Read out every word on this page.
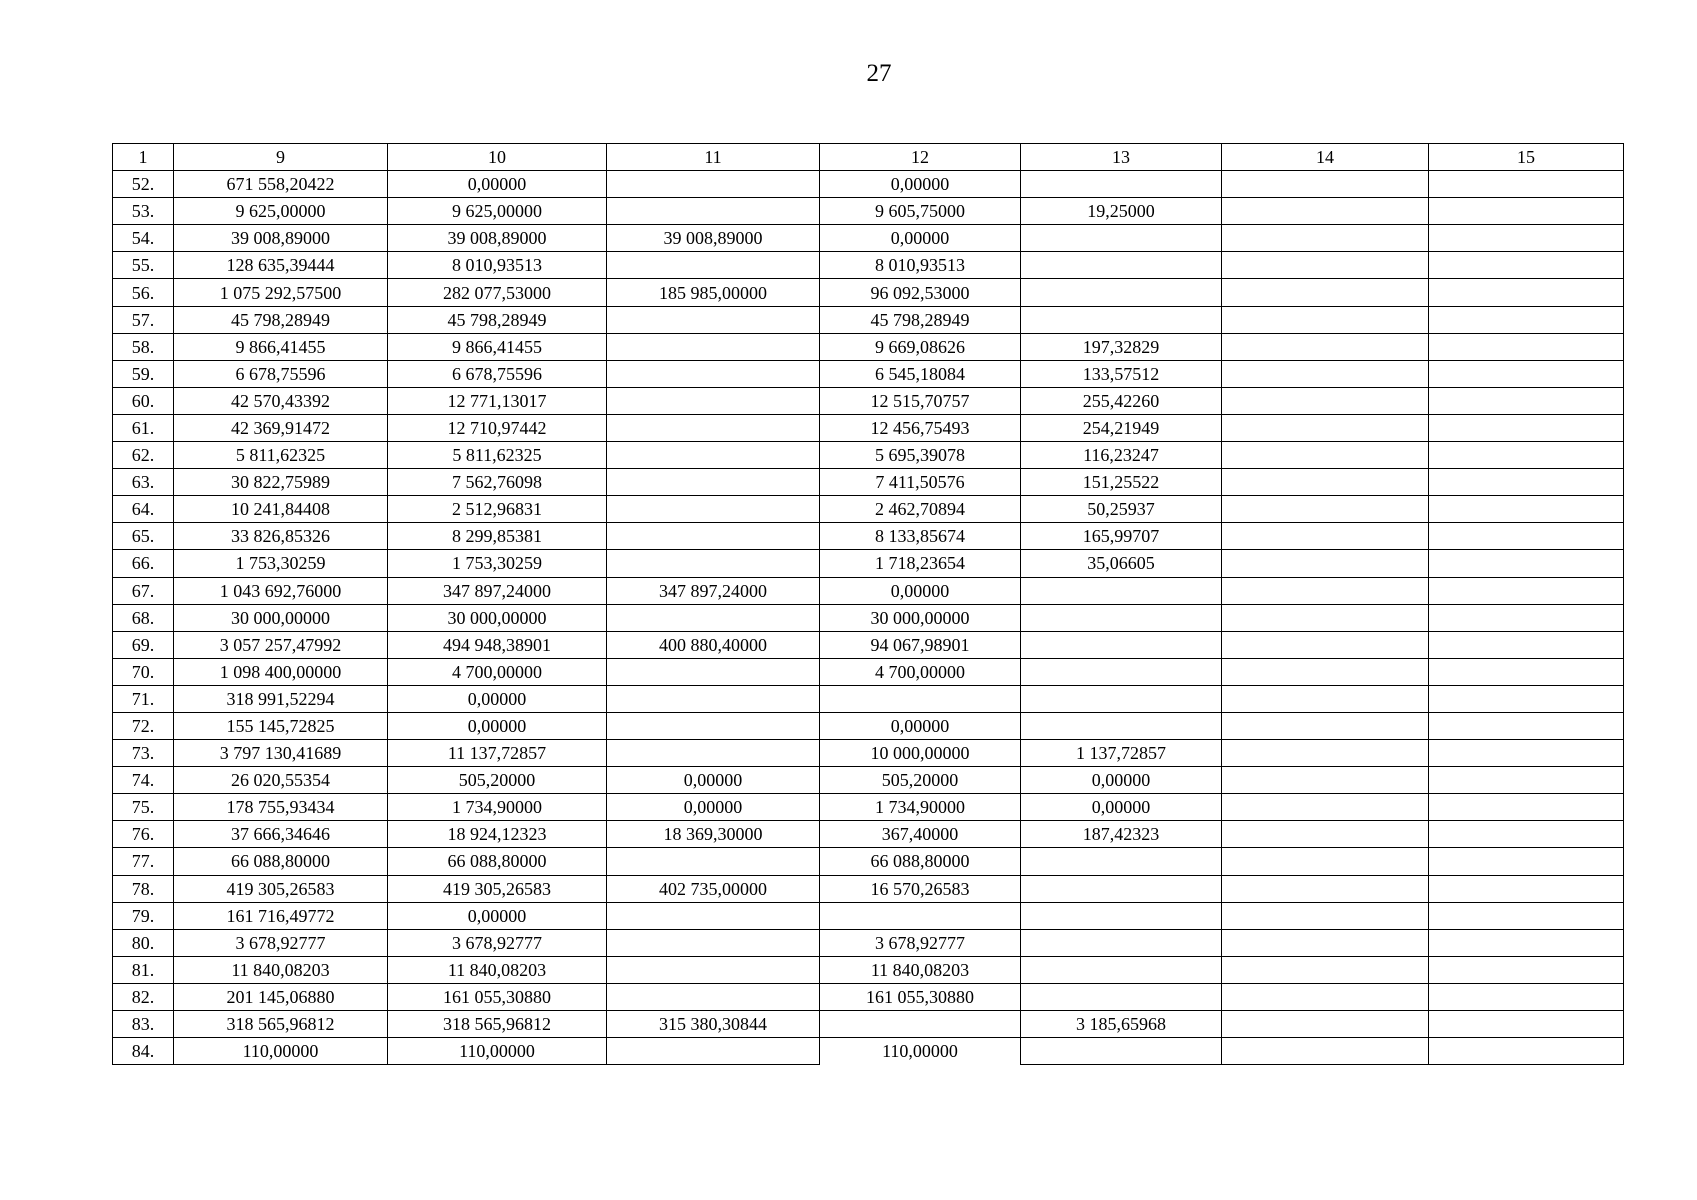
27
1	9	10	11	12	13	14	15
52.	671 558,20422	0,00000		0,00000			
53.	9 625,00000	9 625,00000		9 605,75000	19,25000		
54.	39 008,89000	39 008,89000	39 008,89000	0,00000			
55.	128 635,39444	8 010,93513		8 010,93513			
56.	1 075 292,57500	282 077,53000	185 985,00000	96 092,53000			
57.	45 798,28949	45 798,28949		45 798,28949			
58.	9 866,41455	9 866,41455		9 669,08626	197,32829		
59.	6 678,75596	6 678,75596		6 545,18084	133,57512		
60.	42 570,43392	12 771,13017		12 515,70757	255,42260		
61.	42 369,91472	12 710,97442		12 456,75493	254,21949		
62.	5 811,62325	5 811,62325		5 695,39078	116,23247		
63.	30 822,75989	7 562,76098		7 411,50576	151,25522		
64.	10 241,84408	2 512,96831		2 462,70894	50,25937		
65.	33 826,85326	8 299,85381		8 133,85674	165,99707		
66.	1 753,30259	1 753,30259		1 718,23654	35,06605		
67.	1 043 692,76000	347 897,24000	347 897,24000	0,00000			
68.	30 000,00000	30 000,00000		30 000,00000			
69.	3 057 257,47992	494 948,38901	400 880,40000	94 067,98901			
70.	1 098 400,00000	4 700,00000		4 700,00000			
71.	318 991,52294	0,00000					
72.	155 145,72825	0,00000		0,00000			
73.	3 797 130,41689	11 137,72857		10 000,00000	1 137,72857		
74.	26 020,55354	505,20000	0,00000	505,20000	0,00000		
75.	178 755,93434	1 734,90000	0,00000	1 734,90000	0,00000		
76.	37 666,34646	18 924,12323	18 369,30000	367,40000	187,42323		
77.	66 088,80000	66 088,80000		66 088,80000			
78.	419 305,26583	419 305,26583	402 735,00000	16 570,26583			
79.	161 716,49772	0,00000					
80.	3 678,92777	3 678,92777		3 678,92777			
81.	11 840,08203	11 840,08203		11 840,08203			
82.	201 145,06880	161 055,30880		161 055,30880			
83.	318 565,96812	318 565,96812	315 380,30844		3 185,65968		
84.	110,00000	110,00000		110,00000			
